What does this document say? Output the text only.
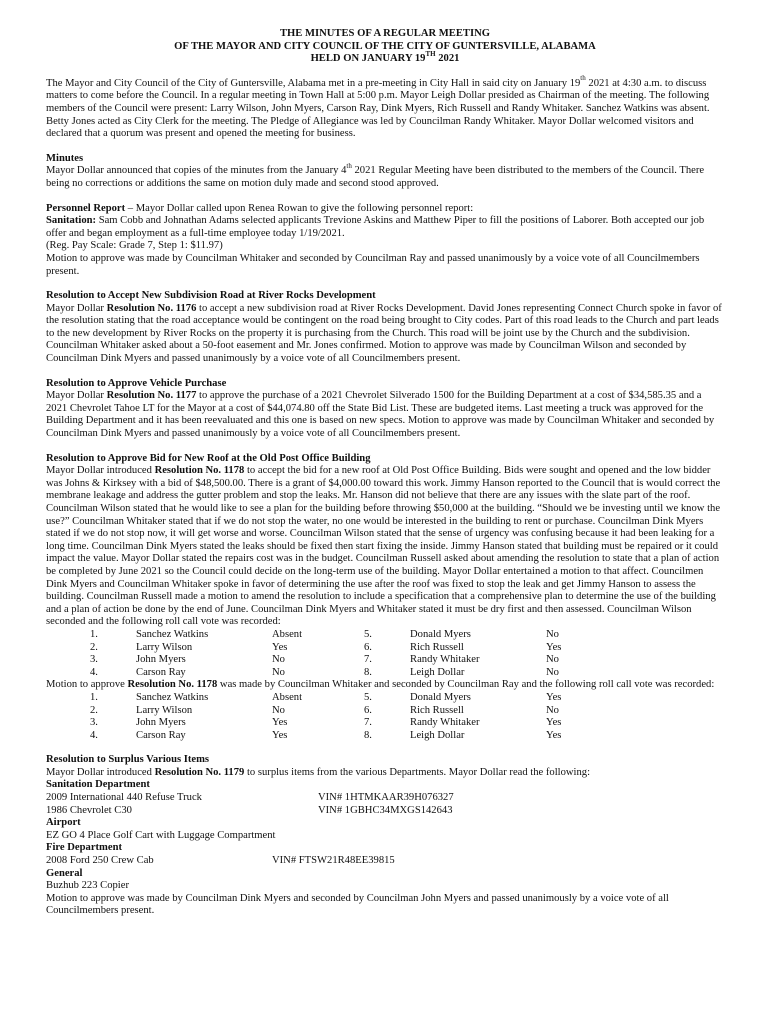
THE MINUTES OF A REGULAR MEETING
OF THE MAYOR AND CITY COUNCIL OF THE CITY OF GUNTERSVILLE, ALABAMA
HELD ON JANUARY 19TH 2021

The Mayor and City Council of the City of Guntersville, Alabama met in a pre-meeting in City Hall in said city on January 19th 2021 at 4:30 a.m. to discuss matters to come before the Council. In a regular meeting in Town Hall at 5:00 p.m. Mayor Leigh Dollar presided as Chairman of the meeting. The following members of the Council were present: Larry Wilson, John Myers, Carson Ray, Dink Myers, Rich Russell and Randy Whitaker. Sanchez Watkins was absent. Betty Jones acted as City Clerk for the meeting. The Pledge of Allegiance was led by Councilman Randy Whitaker. Mayor Dollar welcomed visitors and declared that a quorum was present and opened the meeting for business.

Minutes

Mayor Dollar announced that copies of the minutes from the January 4th 2021 Regular Meeting have been distributed to the members of the Council. There being no corrections or additions the same on motion duly made and second stood approved.

Personnel Report – Mayor Dollar called upon Renea Rowan to give the following personnel report:

Sanitation: Sam Cobb and Johnathan Adams selected applicants Trevione Askins and Matthew Piper to fill the positions of Laborer. Both accepted our job offer and began employment as a full-time employee today 1/19/2021.

(Reg. Pay Scale: Grade 7, Step 1: $11.97)

Motion to approve was made by Councilman Whitaker and seconded by Councilman Ray and passed unanimously by a voice vote of all Councilmembers present.

Resolution to Accept New Subdivision Road at River Rocks Development

Mayor Dollar Resolution No. 1176 to accept a new subdivision road at River Rocks Development. David Jones representing Connect Church spoke in favor of the resolution stating that the road acceptance would be contingent on the road being brought to City codes. Part of this road leads to the Church and part leads to the new development by River Rocks on the property it is purchasing from the Church. This road will be joint use by the Church and the subdivision. Councilman Whitaker asked about a 50-foot easement and Mr. Jones confirmed. Motion to approve was made by Councilman Wilson and seconded by Councilman Dink Myers and passed unanimously by a voice vote of all Councilmembers present.

Resolution to Approve Vehicle Purchase

Mayor Dollar Resolution No. 1177 to approve the purchase of a 2021 Chevrolet Silverado 1500 for the Building Department at a cost of $34,585.35 and a 2021 Chevrolet Tahoe LT for the Mayor at a cost of $44,074.80 off the State Bid List. These are budgeted items. Last meeting a truck was approved for the Building Department and it has been reevaluated and this one is based on new specs. Motion to approve was made by Councilman Whitaker and seconded by Councilman Dink Myers and passed unanimously by a voice vote of all Councilmembers present.

Resolution to Approve Bid for New Roof at the Old Post Office Building

Mayor Dollar introduced Resolution No. 1178 to accept the bid for a new roof at Old Post Office Building. Bids were sought and opened and the low bidder was Johns & Kirksey with a bid of $48,500.00. There is a grant of $4,000.00 toward this work. Jimmy Hanson reported to the Council that is would correct the membrane leakage and address the gutter problem and stop the leaks. Mr. Hanson did not believe that there are any issues with the slate part of the roof. Councilman Wilson stated that he would like to see a plan for the building before throwing $50,000 at the building. “Should we be investing until we know the use?” Councilman Whitaker stated that if we do not stop the water, no one would be interested in the building to rent or purchase. Councilman Dink Myers stated if we do not stop now, it will get worse and worse. Councilman Wilson stated that the sense of urgency was confusing because it had been leaking for a long time. Councilman Dink Myers stated the leaks should be fixed then start fixing the inside. Jimmy Hanson stated that building must be repaired or it could impact the value. Mayor Dollar stated the repairs cost was in the budget. Councilman Russell asked about amending the resolution to state that a plan of action be completed by June 2021 so the Council could decide on the long-term use of the building. Mayor Dollar entertained a motion to that affect. Councilmen Dink Myers and Councilman Whitaker spoke in favor of determining the use after the roof was fixed to stop the leak and get Jimmy Hanson to assess the building. Councilman Russell made a motion to amend the resolution to include a specification that a comprehensive plan to determine the use of the building and a plan of action be done by the end of June. Councilman Dink Myers and Whitaker stated it must be dry first and then assessed. Councilman Wilson seconded and the following roll call vote was recorded:

1.	Sanchez Watkins	Absent	5.	Donald Myers	No
2.	Larry Wilson	Yes	6.	Rich Russell	Yes
3.	John Myers	No	7.	Randy Whitaker	No
4.	Carson Ray	No	8.	Leigh Dollar	No

Motion to approve Resolution No. 1178 was made by Councilman Whitaker and seconded by Councilman Ray and the following roll call vote was recorded:

1.	Sanchez Watkins	Absent	5.	Donald Myers	Yes
2.	Larry Wilson	No	6.	Rich Russell	No
3.	John Myers	Yes	7.	Randy Whitaker	Yes
4.	Carson Ray	Yes	8.	Leigh Dollar	Yes

Resolution to Surplus Various Items

Mayor Dollar introduced Resolution No. 1179 to surplus items from the various Departments. Mayor Dollar read the following:

Sanitation Department

2009 International 440 Refuse Truck	VIN# 1HTMKAAR39H076327
1986 Chevrolet C30	VIN# 1GBHC34MXGS142643

Airport

EZ GO 4 Place Golf Cart with Luggage Compartment

Fire Department

2008 Ford 250 Crew Cab	VIN# FTSW21R48EE39815

General

Buzhub 223 Copier

Motion to approve was made by Councilman Dink Myers and seconded by Councilman John Myers and passed unanimously by a voice vote of all Councilmembers present.
